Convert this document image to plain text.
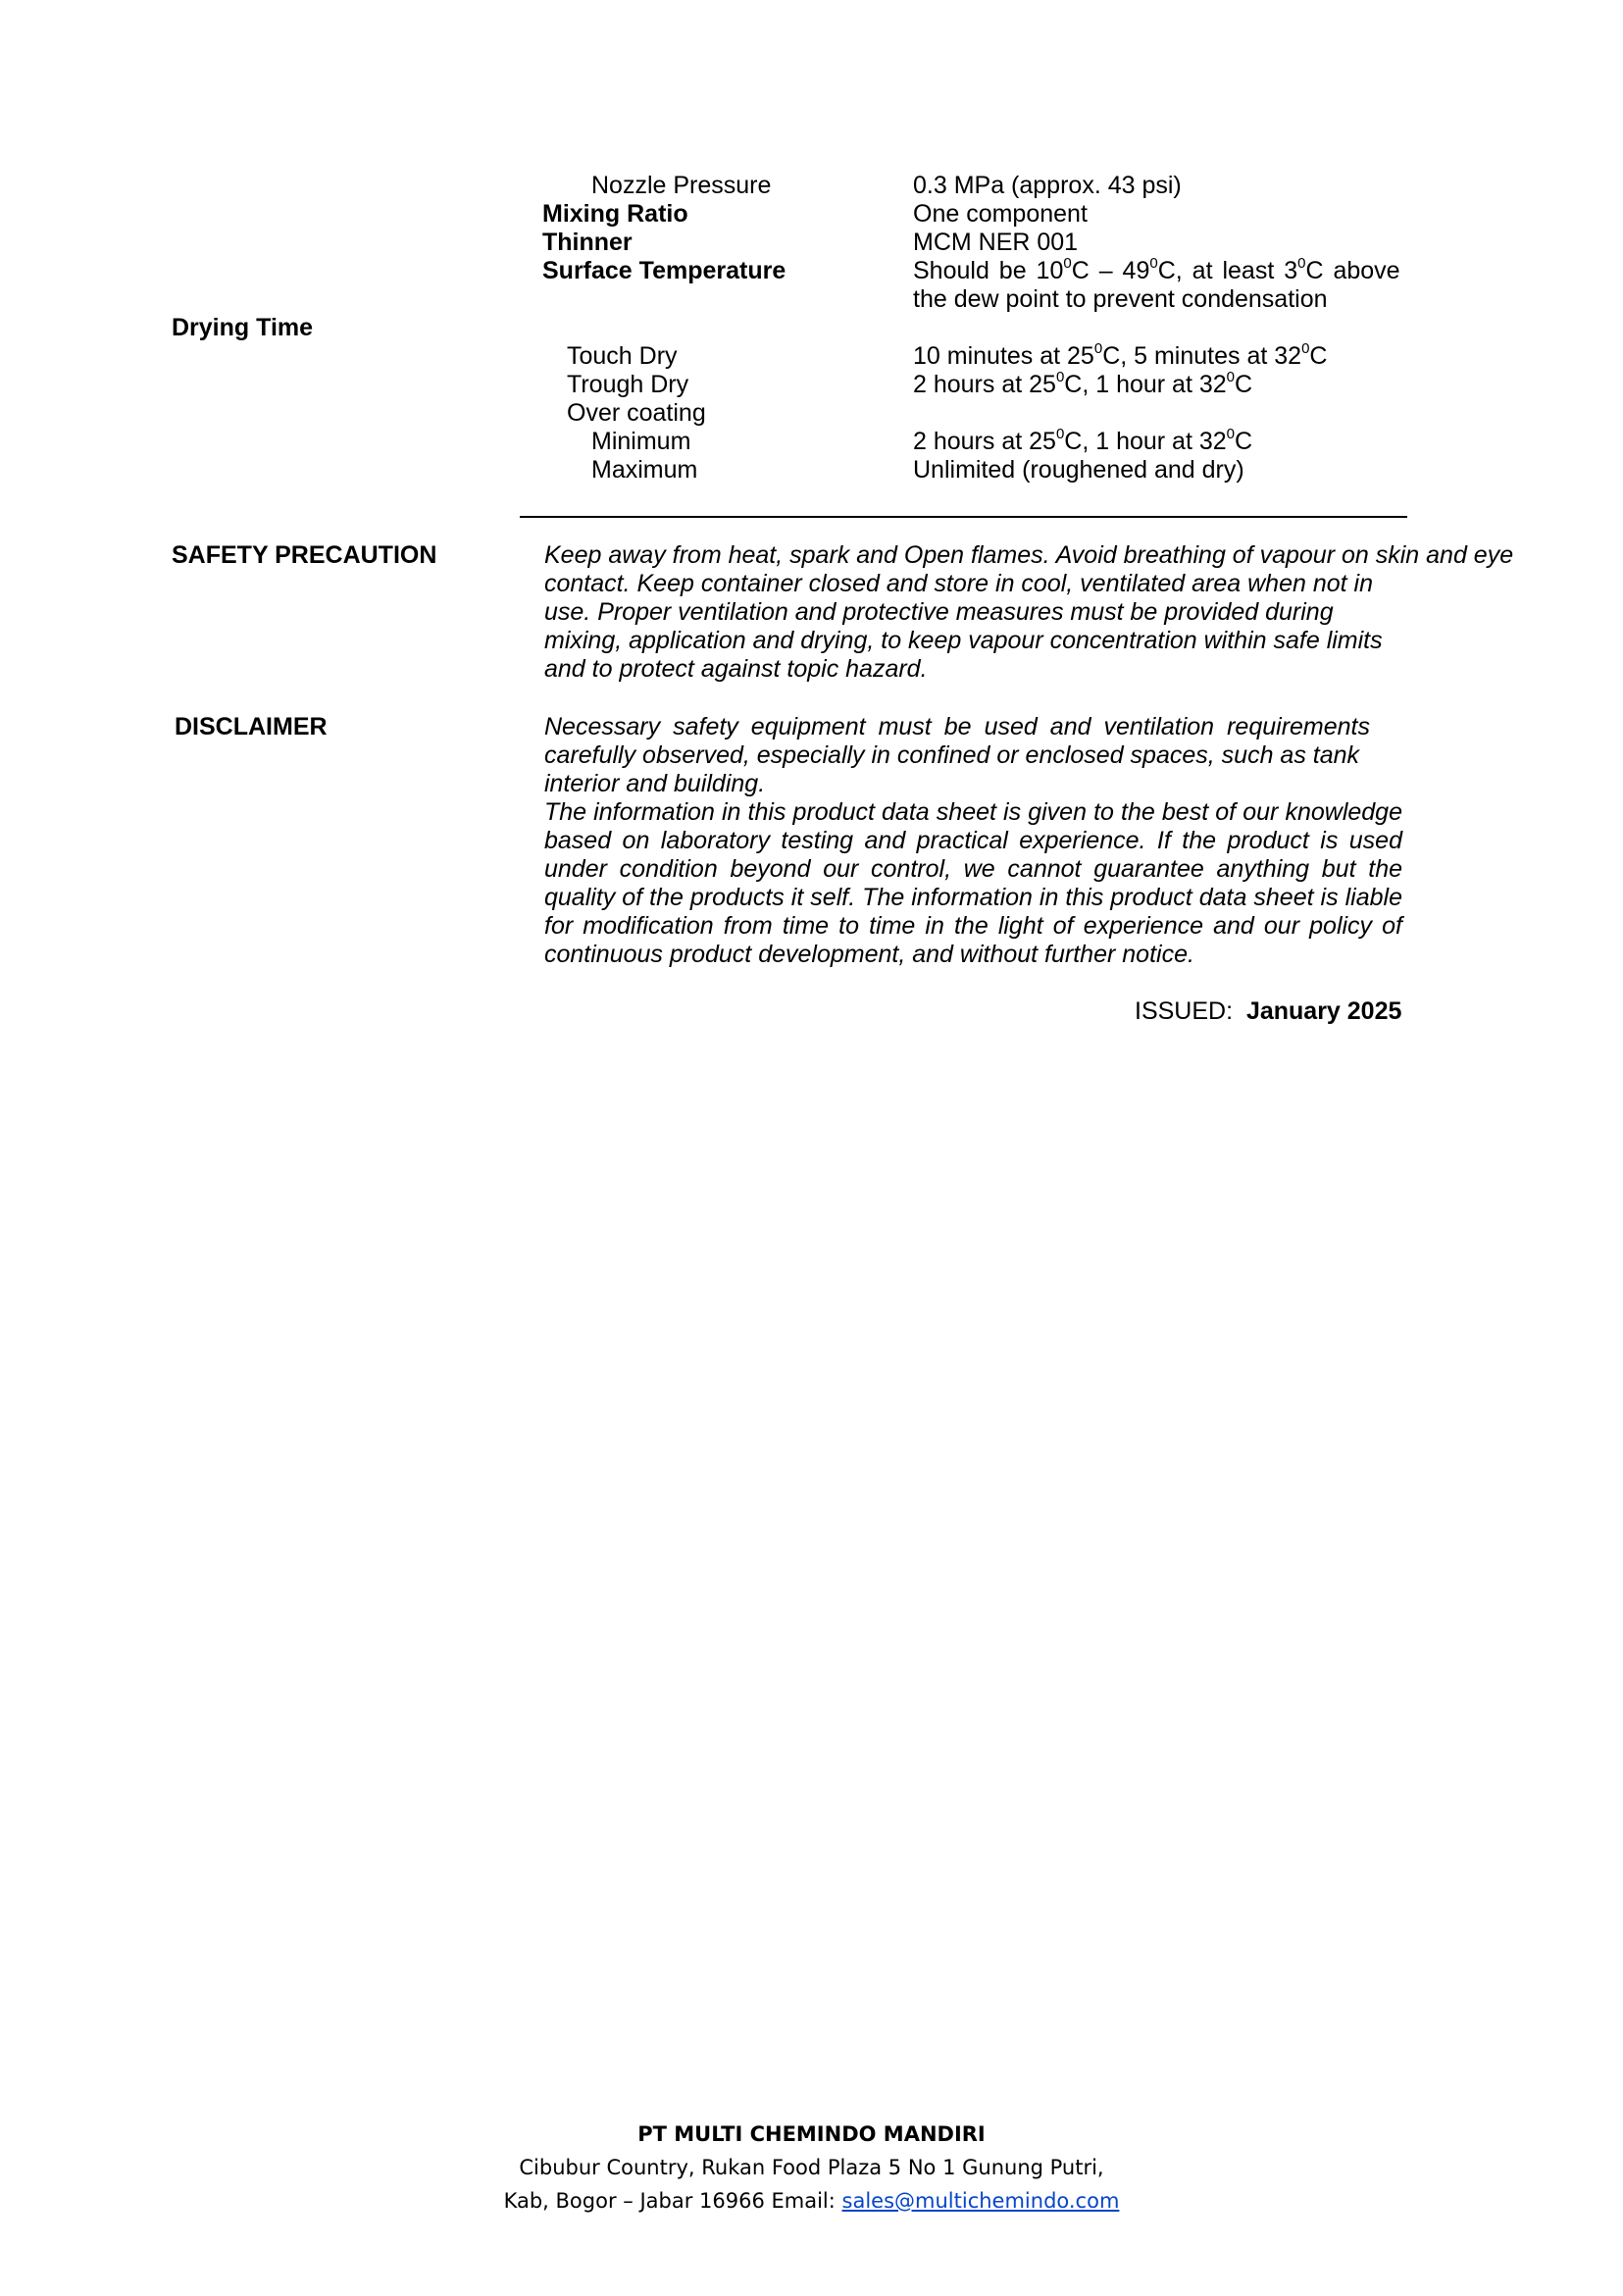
Nozzle Pressure	0.3 MPa (approx. 43 psi)

Mixing Ratio	One component

Thinner	MCM NER 001

Surface Temperature	Should be $10^0C - 49^0C$, at least $3^0C$ above

the dew point to prevent condensation

Drying Time

Touch Dry	10 minutes at $25^0C$, 5 minutes at $32^0C$

Trough Dry	2 hours at $25^0C$, 1 hour at $32^0C$

Over coating

Minimum	2 hours at $25^0C$, 1 hour at $32^0C$

Maximum	Unlimited (roughened and dry)

SAFETY PRECAUTION	Keep away from heat, spark and Open flames. Avoid breathing of vapour on skin and eye
contact. Keep container closed and store in cool, ventilated area when not in
use. Proper ventilation and protective measures must be provided during
mixing, application and drying, to keep vapour concentration within safe limits
and to protect against topic hazard.

DISCLAIMER	Necessary safety equipment must be used and ventilation requirements
carefully observed, especially in confined or enclosed spaces, such as tank
interior and building.
The information in this product data sheet is given to the best of our knowledge
based on laboratory testing and practical experience. If the product is used
under condition beyond our control, we cannot guarantee anything but the
quality of the products it self. The information in this product data sheet is liable
for modification from time to time in the light of experience and our policy of
continuous product development, and without further notice.

ISSUED: January 2025

PT MULTI CHEMINDO MANDIRI

Cibubur Country, Rukan Food Plaza 5 No 1 Gunung Putri,

Kab, Bogor – Jabar 16966 Email: sales@multichemindo.com
